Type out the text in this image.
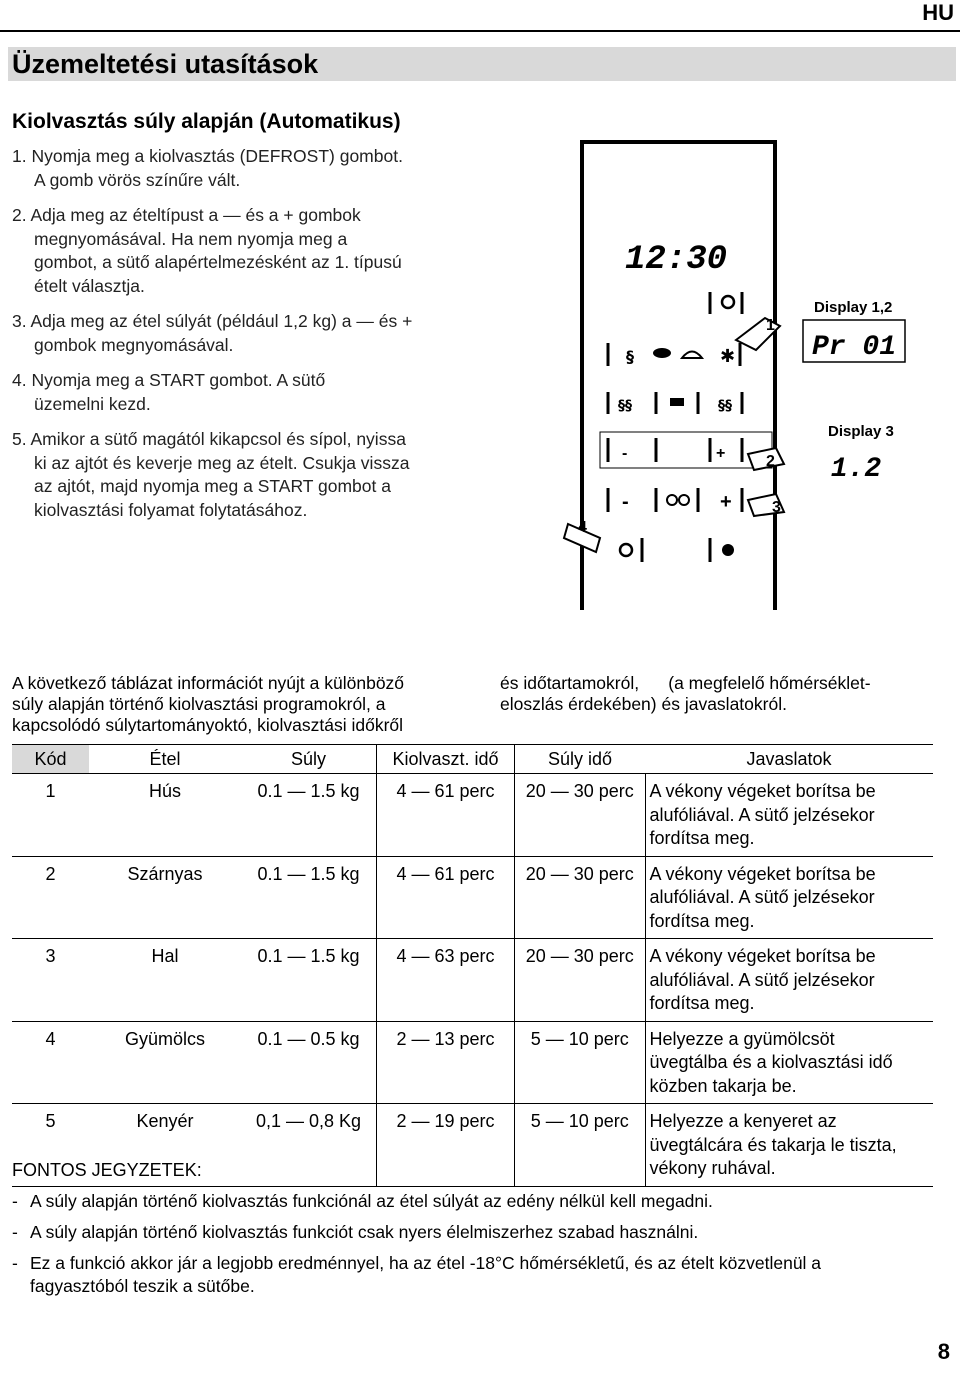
HU
Üzemeltetési utasítások
Kiolvasztás súly alapján (Automatikus)
1. Nyomja meg a kiolvasztás (DEFROST) gombot.
A gomb vörös színűre vált.
2. Adja meg az ételtípust a — és a + gombok
megnyomásával. Ha nem nyomja meg a
gombot, a sütő alapértelmezésként az 1. típusú
ételt választja.
3. Adja meg az étel súlyát (például 1,2 kg) a — és +
gombok megnyomásával.
4. Nyomja meg a START gombot. A sütő
üzemelni kezd.
5. Amikor a sütő magától kikapcsol és sípol, nyissa
ki az ajtót és keverje meg az ételt. Csukja vissza
az ajtót, majd nyomja meg a START gombot a
kiolvasztási folyamat folytatásához.
12:30
§	✱
§§	§§
-	+
-	+
1
2
3
4
Display 1,2
Pr 01
Display 3
1.2
A következő táblázat információt nyújt a különböző
súly alapján történő kiolvasztási programokról, a
kapcsolódó súlytartományoktó, kiolvasztási időkről
és időtartamokról,      (a megfelelő hőmérséklet-
eloszlás érdekében) és javaslatokról.
Kód	Étel	Súly	Kiolvaszt. idő	Súly idő	Javaslatok
1	Hús	0.1 — 1.5 kg	4 — 61 perc	20 — 30 perc	A vékony végeket borítsa be
alufóliával. A sütő jelzésekor
fordítsa meg.

2	Szárnyas	0.1 — 1.5 kg	4 — 61 perc	20 — 30 perc	A vékony végeket borítsa be
alufóliával. A sütő jelzésekor
fordítsa meg.

3	Hal	0.1 — 1.5 kg	4 — 63 perc	20 — 30 perc	A vékony végeket borítsa be
alufóliával. A sütő jelzésekor
fordítsa meg.

4	Gyümölcs	0.1 — 0.5 kg	2 — 13 perc	5 — 10 perc	Helyezze a gyümölcsöt
üvegtálba és a kiolvasztási idő
közben takarja be.

5	Kenyér	0,1 — 0,8 Kg	2 — 19 perc	5 — 10 perc	Helyezze a kenyeret az
üvegtálcára és takarja le tiszta,
vékony ruhával.
FONTOS JEGYZETEK:
- A súly alapján történő kiolvasztás funkciónál az étel súlyát az edény nélkül kell megadni.
- A súly alapján történő kiolvasztás funkciót csak nyers élelmiszerhez szabad használni.
- Ez a funkció akkor jár a legjobb eredménnyel, ha az étel -18°C hőmérsékletű, és az ételt közvetlenül a
fagyasztóból teszik a sütőbe.
8
